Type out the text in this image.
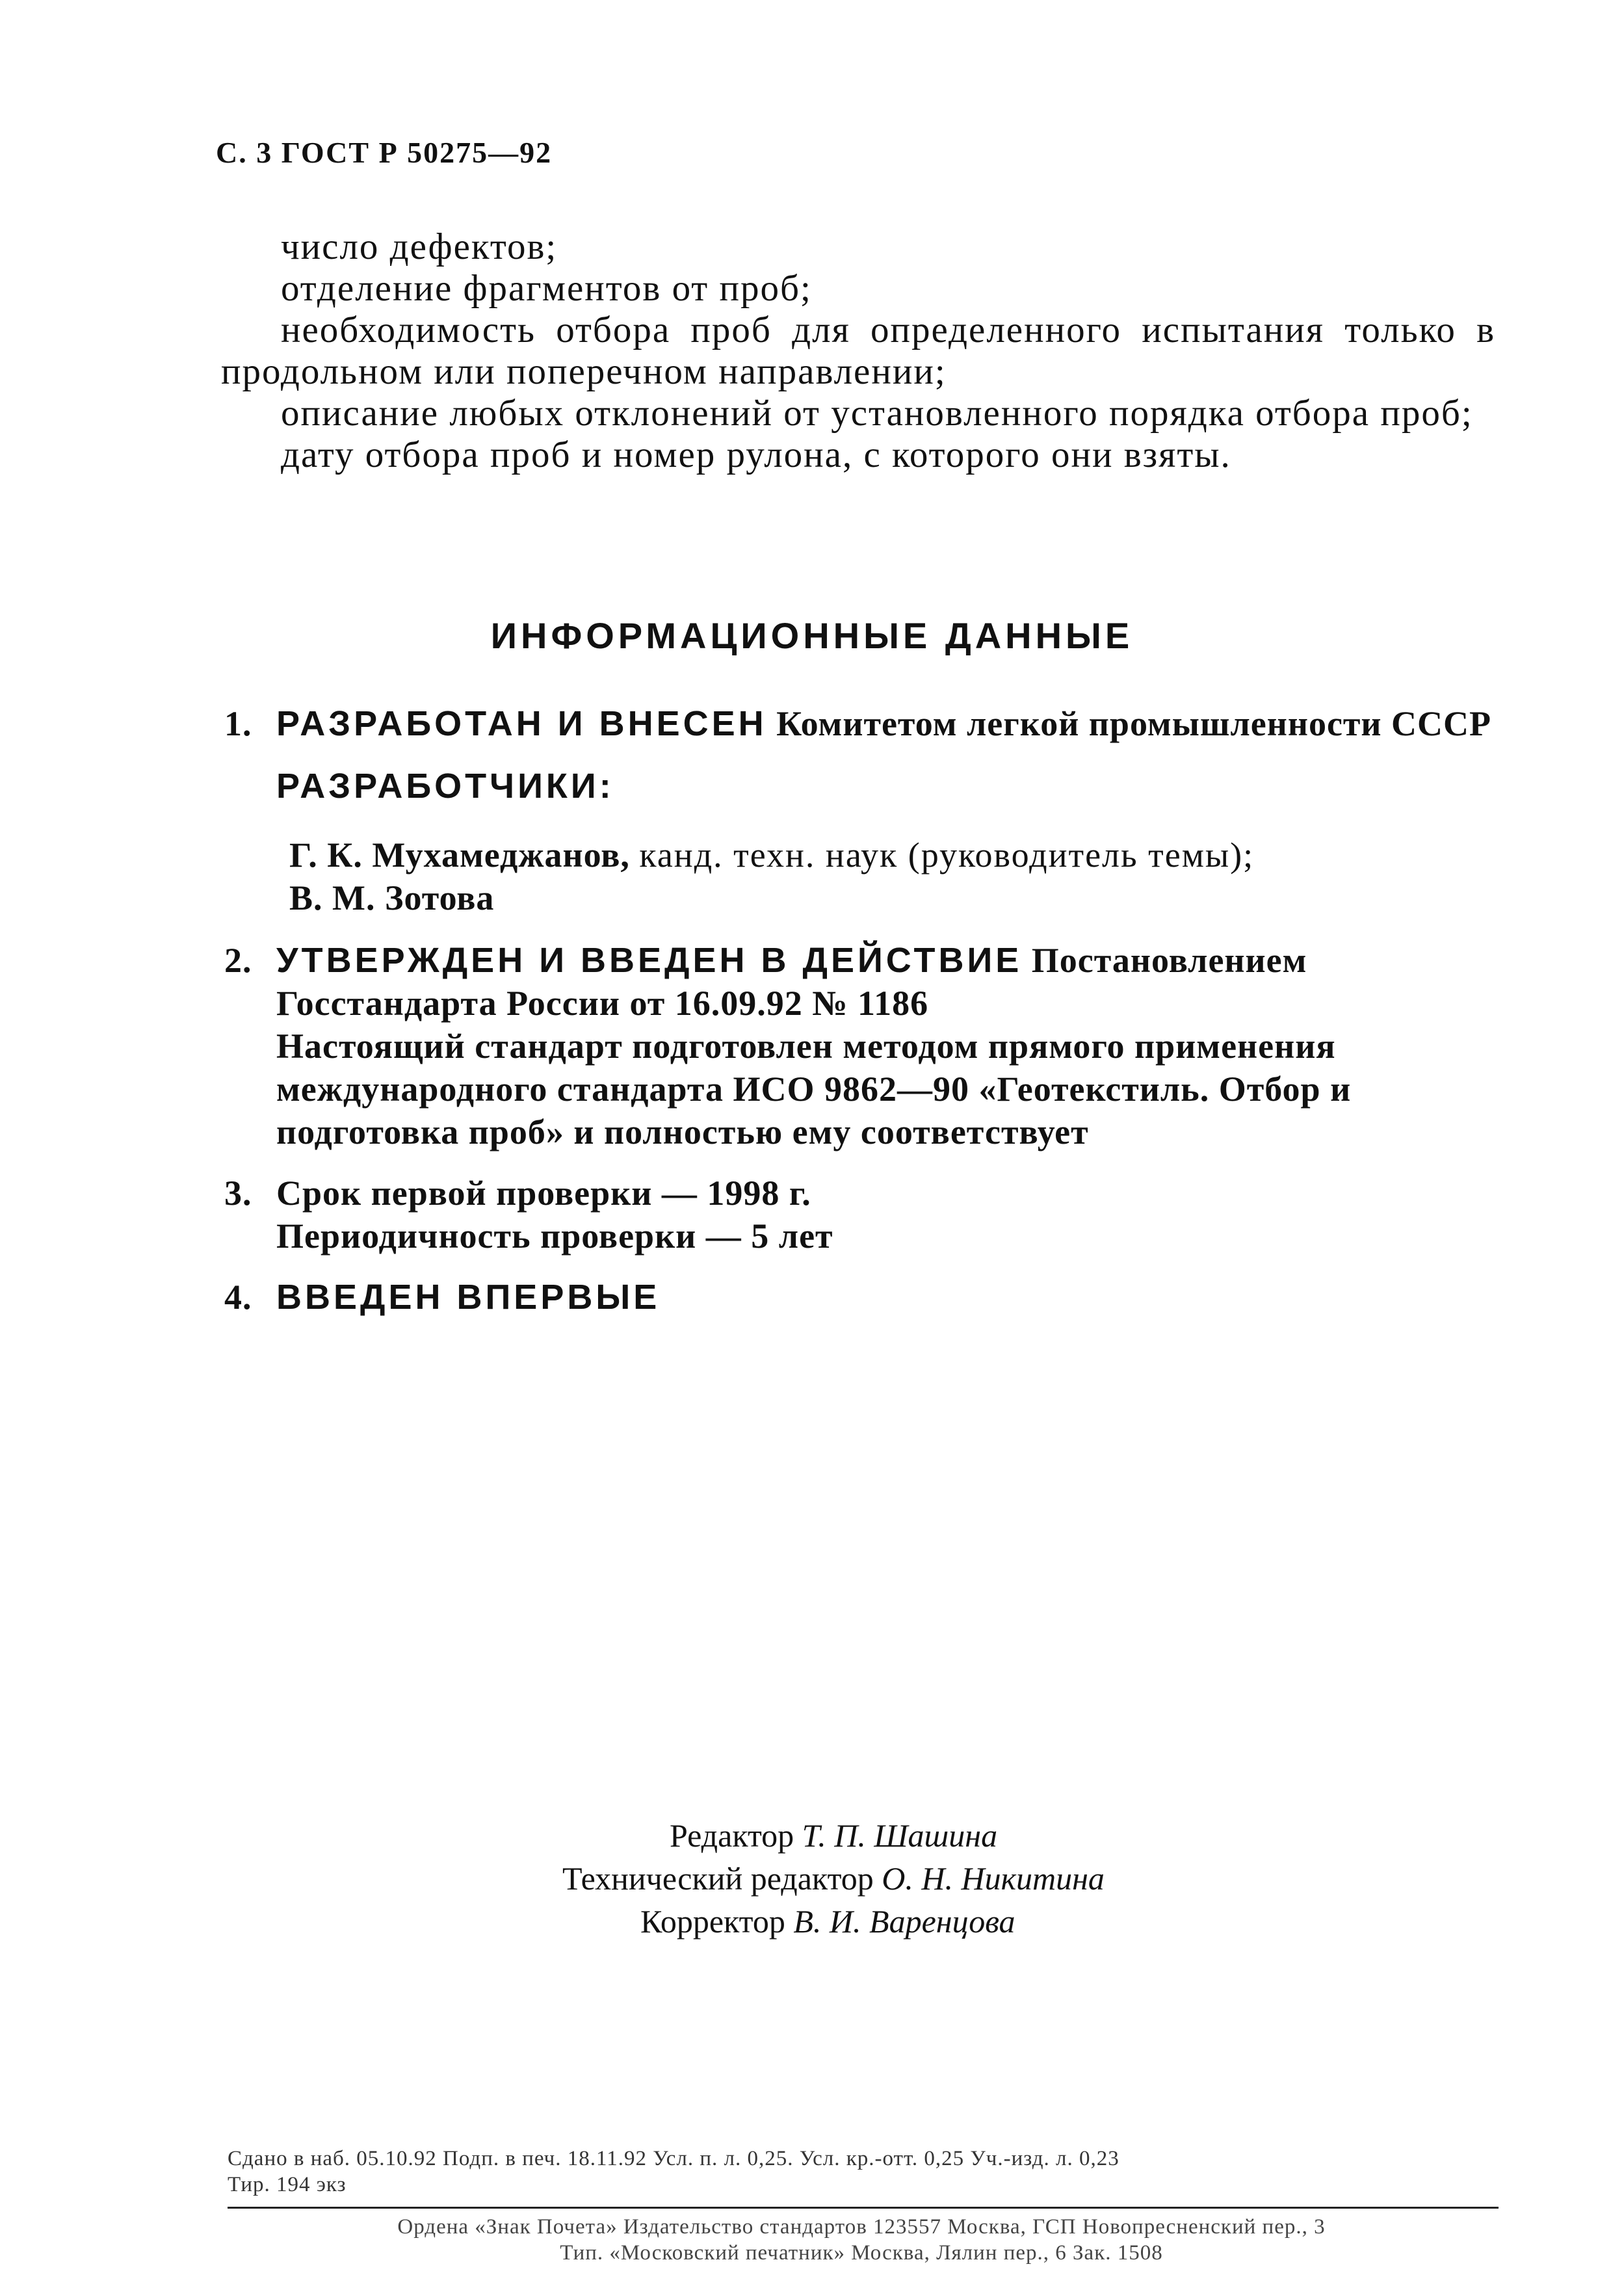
С. 3 ГОСТ Р 50275—92

число дефектов;

отделение фрагментов от проб;

необходимость отбора проб для определенного испытания только в продольном или поперечном направлении;

описание любых отклонений от установленного порядка отбора проб;

дату отбора проб и номер рулона, с которого они взяты.

ИНФОРМАЦИОННЫЕ ДАННЫЕ
1. РАЗРАБОТАН И ВНЕСЕН Комитетом легкой промышленности СССР
РАЗРАБОТЧИКИ:
Г. К. Мухамеджанов, канд. техн. наук (руководитель темы);
В. М. Зотова
2. УТВЕРЖДЕН И ВВЕДЕН В ДЕЙСТВИЕ Постановлением Госстандарта России от 16.09.92 № 1186
Настоящий стандарт подготовлен методом прямого применения международного стандарта ИСО 9862—90 «Геотекстиль. Отбор и подготовка проб» и полностью ему соответствует
3. Срок первой проверки — 1998 г.
Периодичность проверки — 5 лет
4. ВВЕДЕН ВПЕРВЫЕ
Редактор Т. П. Шашина
Технический редактор О. Н. Никитина
Корректор В. И. Варенцова
Сдано в наб. 05.10.92 Подп. в печ. 18.11.92 Усл. п. л. 0,25. Усл. кр.-отт. 0,25 Уч.-изд. л. 0,23
Тир. 194 экз
Ордена «Знак Почета» Издательство стандартов 123557 Москва, ГСП Новопресненский пер., 3
Тип. «Московский печатник» Москва, Лялин пер., 6 Зак. 1508
